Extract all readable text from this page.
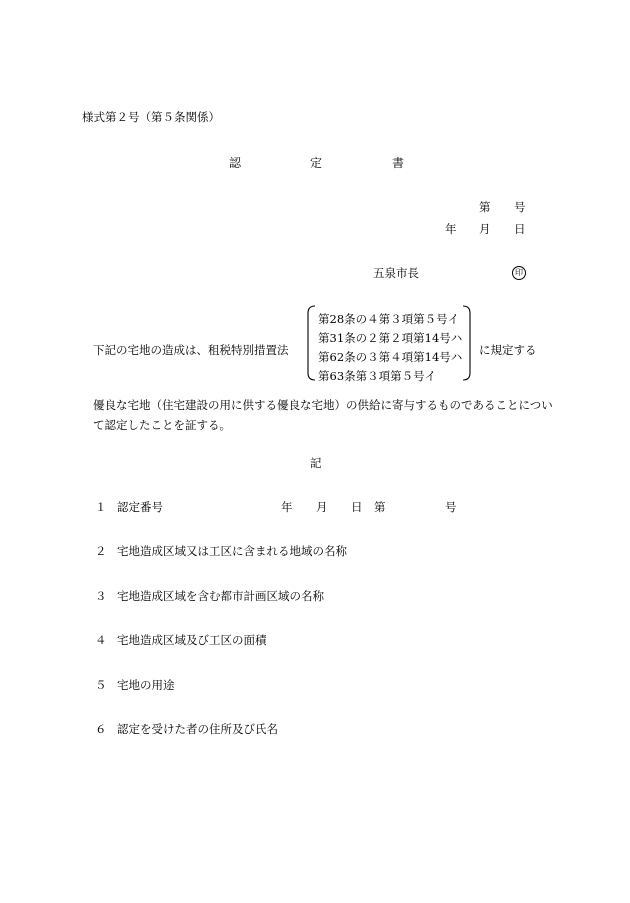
様式第２号（第５条関係）
認	定	書
第 号
年 月 日
五泉市長	印
下記の宅地の造成は、租税特別措置法
第28条の４第３項第５号イ
第31条の２第２項第14号ハ
第62条の３第４項第14号ハ
第63条第３項第５号イ
に規定する
優良な宅地（住宅建設の用に供する優良な宅地）の供給に寄与するものであることについて認定したことを証する。
記
１ 認定番号	年 月 日 第	号
２ 宅地造成区域又は工区に含まれる地域の名称
３ 宅地造成区域を含む都市計画区域の名称
４ 宅地造成区域及び工区の面積
５ 宅地の用途
６ 認定を受けた者の住所及び氏名
